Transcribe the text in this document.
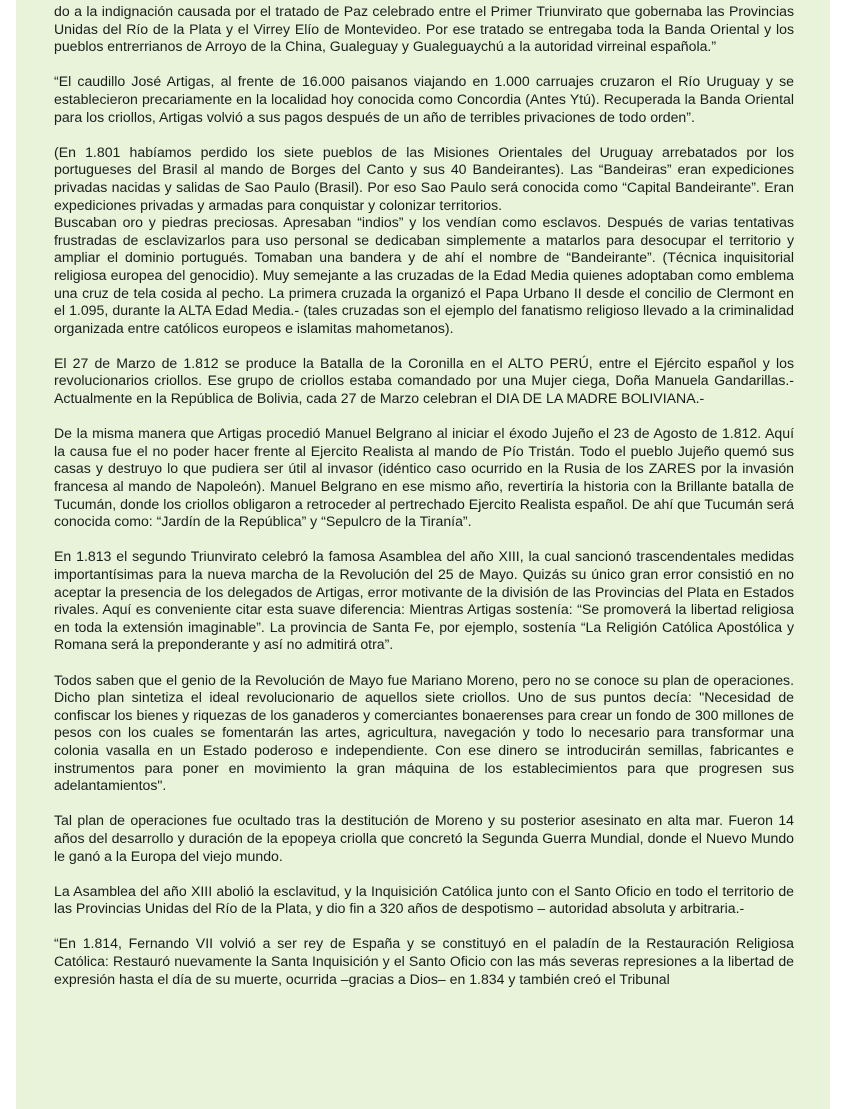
do a la indignación causada por el tratado de Paz celebrado entre el Primer Triunvirato que gobernaba las Provincias Unidas del Río de la Plata y el Virrey Elío de Montevideo. Por ese tratado se entregaba toda la Banda Oriental y los pueblos entrerrianos de Arroyo de la China, Gualeguay y Gualeguaychú a la autoridad virreinal española.”

“El caudillo José Artigas, al frente de 16.000 paisanos viajando en 1.000 carruajes cruzaron el Río Uruguay y se establecieron precariamente en la localidad hoy conocida como Concordia (Antes Ytú). Recuperada la Banda Oriental para los criollos, Artigas volvió a sus pagos después de un año de terribles privaciones de todo orden”.

(En 1.801 habíamos perdido los siete pueblos de las Misiones Orientales del Uruguay arrebatados por los portugueses del Brasil al mando de Borges del Canto y sus 40 Bandeirantes). Las “Bandeiras” eran expediciones privadas nacidas y salidas de Sao Paulo (Brasil). Por eso Sao Paulo será conocida como “Capital Bandeirante”. Eran expediciones privadas y armadas para conquistar y colonizar territorios.

Buscaban oro y piedras preciosas. Apresaban “indios” y los vendían como esclavos. Después de varias tentativas frustradas de esclavizarlos para uso personal se dedicaban simplemente a matarlos para desocupar el territorio y ampliar el dominio portugués. Tomaban una bandera y de ahí el nombre de “Bandeirante”. (Técnica inquisitorial religiosa europea del genocidio). Muy semejante a las cruzadas de la Edad Media quienes adoptaban como emblema una cruz de tela cosida al pecho. La primera cruzada la organizó el Papa Urbano II desde el concilio de Clermont en el 1.095, durante la ALTA Edad Media.- (tales cruzadas son el ejemplo del fanatismo religioso llevado a la criminalidad organizada entre católicos europeos e islamitas mahometanos).

El 27 de Marzo de 1.812 se produce la Batalla de la Coronilla en el ALTO PERÚ, entre el Ejército español y los revolucionarios criollos. Ese grupo de criollos estaba comandado por una Mujer ciega, Doña Manuela Gandarillas.- Actualmente en la República de Bolivia, cada 27 de Marzo celebran el DIA DE LA MADRE BOLIVIANA.-

De la misma manera que Artigas procedió Manuel Belgrano al iniciar el éxodo Jujeño el 23 de Agosto de 1.812. Aquí la causa fue el no poder hacer frente al Ejercito Realista al mando de Pío Tristán. Todo el pueblo Jujeño quemó sus casas y destruyo lo que pudiera ser útil al invasor (idéntico caso ocurrido en la Rusia de los ZARES por la invasión francesa al mando de Napoleón). Manuel Belgrano en ese mismo año, revertiría la historia con la Brillante batalla de Tucumán, donde los criollos obligaron a retroceder al pertrechado Ejercito Realista español. De ahí que Tucumán será conocida como: “Jardín de la República” y “Sepulcro de la Tiranía”.

En 1.813 el segundo Triunvirato celebró la famosa Asamblea del año XIII, la cual sancionó trascendentales medidas importantísimas para la nueva marcha de la Revolución del 25 de Mayo. Quizás su único gran error consistió en no aceptar la presencia de los delegados de Artigas, error motivante de la división de las Provincias del Plata en Estados rivales. Aquí es conveniente citar esta suave diferencia: Mientras Artigas sostenía: “Se promoverá la libertad religiosa en toda la extensión imaginable”. La provincia de Santa Fe, por ejemplo, sostenía “La Religión Católica Apostólica y Romana será la preponderante y así no admitirá otra”.

Todos saben que el genio de la Revolución de Mayo fue Mariano Moreno, pero no se conoce su plan de operaciones. Dicho plan sintetiza el ideal revolucionario de aquellos siete criollos. Uno de sus puntos decía: "Necesidad de confiscar los bienes y riquezas de los ganaderos y comerciantes bonaerenses para crear un fondo de 300 millones de pesos con los cuales se fomentarán las artes, agricultura, navegación y todo lo necesario para transformar una colonia vasalla en un Estado poderoso e independiente. Con ese dinero se introducirán semillas, fabricantes e instrumentos para poner en movimiento la gran máquina de los establecimientos para que progresen sus adelantamientos".

Tal plan de operaciones fue ocultado tras la destitución de Moreno y su posterior asesinato en alta mar. Fueron 14 años del desarrollo y duración de la epopeya criolla que concretó la Segunda Guerra Mundial, donde el Nuevo Mundo le ganó a la Europa del viejo mundo.

La Asamblea del año XIII abolió la esclavitud, y la Inquisición Católica junto con el Santo Oficio en todo el territorio de las Provincias Unidas del Río de la Plata, y dio fin a 320 años de despotismo – autoridad absoluta y arbitraria.-

“En 1.814, Fernando VII volvió a ser rey de España y se constituyó en el paladín de la Restauración Religiosa Católica: Restauró nuevamente la Santa Inquisición y el Santo Oficio con las más severas represiones a la libertad de expresión hasta el día de su muerte, ocurrida –gracias a Dios– en 1.834 y también creó el Tribunal
